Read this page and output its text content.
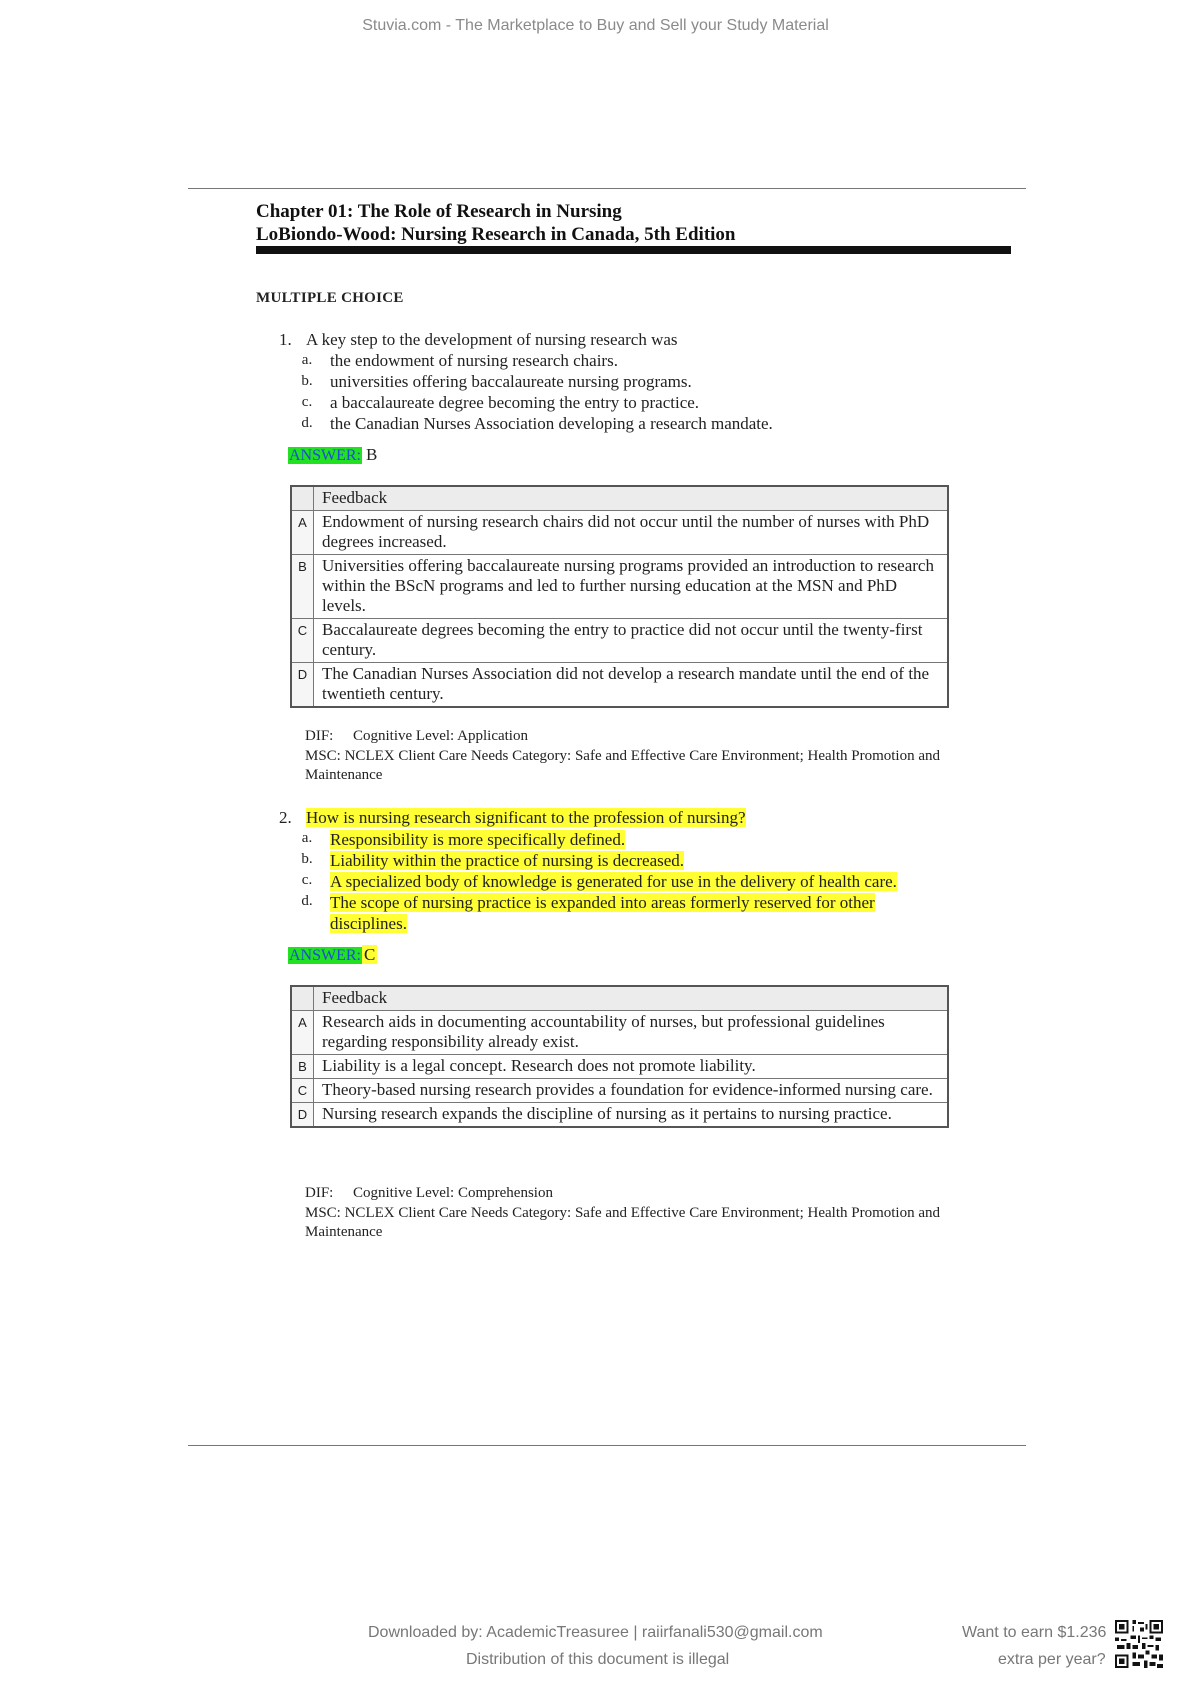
Stuvia.com - The Marketplace to Buy and Sell your Study Material
Chapter 01: The Role of Research in Nursing
LoBiondo-Wood: Nursing Research in Canada, 5th Edition
MULTIPLE CHOICE
1. A key step to the development of nursing research was
a.	the endowment of nursing research chairs.
b.	universities offering baccalaureate nursing programs.
c.	a baccalaureate degree becoming the entry to practice.
d.	the Canadian Nurses Association developing a research mandate.
ANSWER: B
	Feedback
A	Endowment of nursing research chairs did not occur until the number of nurses with PhD degrees increased.
B	Universities offering baccalaureate nursing programs provided an introduction to research within the BScN programs and led to further nursing education at the MSN and PhD levels.
C	Baccalaureate degrees becoming the entry to practice did not occur until the twenty-first century.
D	The Canadian Nurses Association did not develop a research mandate until the end of the twentieth century.
DIF: Cognitive Level: Application
MSC: NCLEX Client Care Needs Category: Safe and Effective Care Environment; Health Promotion and Maintenance
2. How is nursing research significant to the profession of nursing?
a.	Responsibility is more specifically defined.
b.	Liability within the practice of nursing is decreased.
c.	A specialized body of knowledge is generated for use in the delivery of health care.
d.	The scope of nursing practice is expanded into areas formerly reserved for other
disciplines.
ANSWER: C
	Feedback
A	Research aids in documenting accountability of nurses, but professional guidelines regarding responsibility already exist.
B	Liability is a legal concept. Research does not promote liability.
C	Theory-based nursing research provides a foundation for evidence-informed nursing care.
D	Nursing research expands the discipline of nursing as it pertains to nursing practice.
DIF: Cognitive Level: Comprehension
MSC: NCLEX Client Care Needs Category: Safe and Effective Care Environment; Health Promotion and Maintenance
Downloaded by: AcademicTreasuree | raiirfanali530@gmail.com
Distribution of this document is illegal
Want to earn $1.236
extra per year?
